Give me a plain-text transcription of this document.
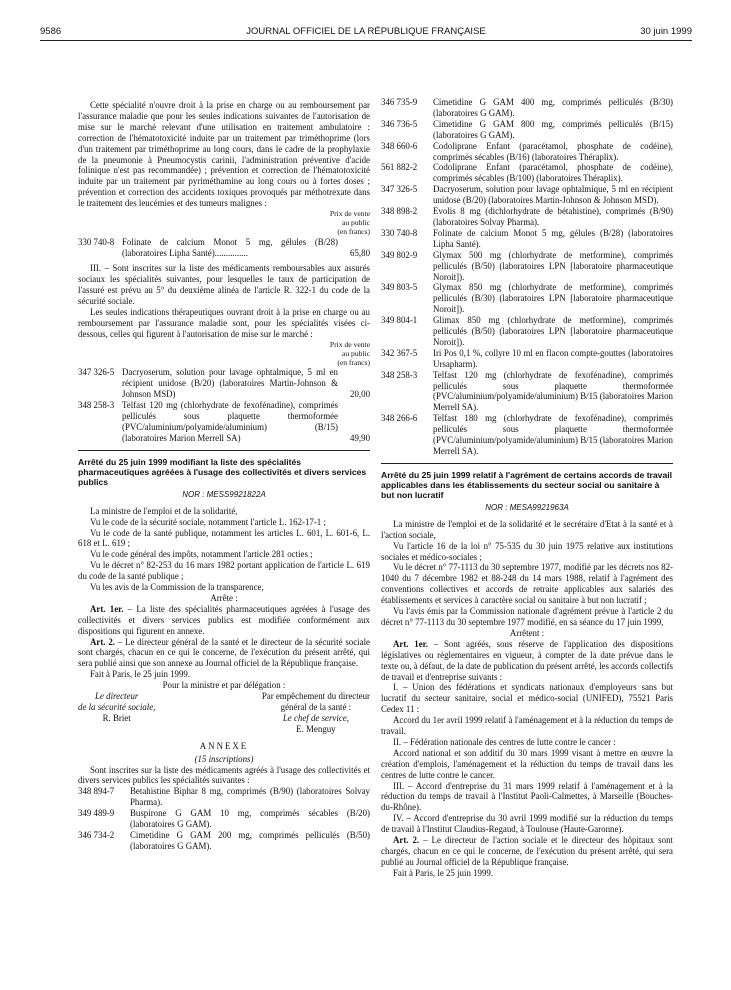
9586	JOURNAL OFFICIEL DE LA RÉPUBLIQUE FRANÇAISE	30 juin 1999

Cette spécialité n'ouvre droit à la prise en charge ou au remboursement par l'assurance maladie que pour les seules indications suivantes de l'autorisation de mise sur le marché relevant d'une utilisation en traitement ambulatoire : correction de l'hématotoxicité induite par un traitement par triméthoprime (lors d'un traitement par triméthoprime au long cours, dans le cadre de la prophylaxie de la pneumonie à Pneumocystis carinii, l'administration préventive d'acide folinique n'est pas recommandée) ; prévention et correction de l'hématotoxicité induite par un traitement par pyriméthamine au long cours ou à fortes doses ; prévention et correction des accidents toxiques provoqués par méthotrexate dans le traitement des leucémies et des tumeurs malignes :

Prix de vente
au public
(en francs)
330 740-8 Folinate de calcium Monot 5 mg, gélules (B/28) (laboratoires Lipha Santé)...............	65,80

III. – Sont inscrites sur la liste des médicaments remboursables aux assurés sociaux les spécialités suivantes, pour lesquelles le taux de participation de l'assuré est prévu au 5° du deuxième alinéa de l'article R. 322-1 du code de la sécurité sociale.

Les seules indications thérapeutiques ouvrant droit à la prise en charge ou au remboursement par l'assurance maladie sont, pour les spécialités visées ci-dessous, celles qui figurent à l'autorisation de mise sur le marché :

Prix de vente
au public
(en francs)
347 326-5 Dacryoserum, solution pour lavage ophtalmique, 5 ml en récipient unidose (B/20) (laboratoires Martin-Johnson & Johnson MSD)	20,00
348 258-3 Telfast 120 mg (chlorhydrate de fexofénadine), comprimés pelliculés sous plaquette thermoformée (PVC/aluminium/polyamide/aluminium) (B/15) (laboratoires Marion Merrell SA)	49,90

Arrêté du 25 juin 1999 modifiant la liste des spécialités pharmaceutiques agréées à l'usage des collectivités et divers services publics

NOR : MESS9921822A

La ministre de l'emploi et de la solidarité,

Vu le code de la sécurité sociale, notamment l'article L. 162-17-1 ;

Vu le code de la santé publique, notamment les articles L. 601, L. 601-6, L. 618 et L. 619 ;

Vu le code général des impôts, notamment l'article 281 octies ;

Vu le décret n° 82-253 du 16 mars 1982 portant application de l'article L. 619 du code de la santé publique ;

Vu les avis de la Commission de la transparence,

Arrête :

Art. 1er. – La liste des spécialités pharmaceutiques agréées à l'usage des collectivités et divers services publics est modifiée conformément aux dispositions qui figurent en annexe.

Art. 2. – Le directeur général de la santé et le directeur de la sécurité sociale sont chargés, chacun en ce qui le concerne, de l'exécution du présent arrêté, qui sera publié ainsi que son annexe au Journal officiel de la République française.

Fait à Paris, le 25 juin 1999.

Pour la ministre et par délégation :

Le directeur
de la sécurité sociale,
R. Briet
Par empêchement du directeur
général de la santé :
Le chef de service,
E. Menguy
ANNEXE
(15 inscriptions)

Sont inscrites sur la liste des médicaments agréés à l'usage des collectivités et divers services publics les spécialités suivantes :

348 894-7	Betahistine Biphar 8 mg, comprimés (B/90) (laboratoires Solvay Pharma).
349 489-9	Buspirone G GAM 10 mg, comprimés sécables (B/20) (laboratoires G GAM).
346 734-2	Cimetidine G GAM 200 mg, comprimés pelliculés (B/50) (laboratoires G GAM).
346 735-9	Cimetidine G GAM 400 mg, comprimés pelliculés (B/30) (laboratoires G GAM).
346 736-5	Cimetidine G GAM 800 mg, comprimés pelliculés (B/15) (laboratoires G GAM).
348 660-6	Codoliprane Enfant (paracétamol, phosphate de codéine), comprimés sécables (B/16) (laboratoires Théraplix).
561 882-2	Codoliprane Enfant (paracétamol, phosphate de codéine), comprimés sécables (B/100) (laboratoires Théraplix).
347 326-5	Dacryoserum, solution pour lavage ophtalmique, 5 ml en récipient unidose (B/20) (laboratoires Martin-Johnson & Johnson MSD).
348 898-2	Evolis 8 mg (dichlorhydrate de bétahistine), comprimés (B/90) (laboratoires Solvay Pharma).
330 740-8	Folinate de calcium Monot 5 mg, gélules (B/28) (laboratoires Lipha Santé).
349 802-9	Glymax 500 mg (chlorhydrate de metformine), comprimés pelliculés (B/50) (laboratoires LPN [laboratoire pharmaceutique Noroit]).
349 803-5	Glymax 850 mg (chlorhydrate de metformine), comprimés pelliculés (B/30) (laboratoires LPN [laboratoire pharmaceutique Noroit]).
349 804-1	Glimax 850 mg (chlorhydrate de metformine), comprimés pelliculés (B/50) (laboratoires LPN [laboratoire pharmaceutique Noroit]).
342 367-5	Iri Pos 0,1 %, collyre 10 ml en flacon compte-gouttes (laboratoires Ursapharm).
348 258-3	Telfast 120 mg (chlorhydrate de fexofénadine), comprimés pelliculés sous plaquette thermoformée (PVC/aluminium/polyamide/aluminium) B/15 (laboratoires Marion Merrell SA).
348 266-6	Telfast 180 mg (chlorhydrate de fexofénadine), comprimés pelliculés sous plaquette thermoformée (PVC/aluminium/polyamide/aluminium) B/15 (laboratoires Marion Merrell SA).

Arrêté du 25 juin 1999 relatif à l'agrément de certains accords de travail applicables dans les établissements du secteur social ou sanitaire à but non lucratif

NOR : MESA9921963A

La ministre de l'emploi et de la solidarité et le secrétaire d'Etat à la santé et à l'action sociale,

Vu l'article 16 de la loi n° 75-535 du 30 juin 1975 relative aux institutions sociales et médico-sociales ;

Vu le décret n° 77-1113 du 30 septembre 1977, modifié par les décrets nos 82-1040 du 7 décembre 1982 et 88-248 du 14 mars 1988, relatif à l'agrément des conventions collectives et accords de retraite applicables aux salariés des établissements et services à caractère social ou sanitaire à but non lucratif ;

Vu l'avis émis par la Commission nationale d'agrément prévue à l'article 2 du décret n° 77-1113 du 30 septembre 1977 modifié, en sa séance du 17 juin 1999,

Arrêtent :

Art. 1er. – Sont agréés, sous réserve de l'application des dispositions législatives ou réglementaires en vigueur, à compter de la date prévue dans le texte ou, à défaut, de la date de publication du présent arrêté, les accords collectifs de travail et d'entreprise suivants :

I. – Union des fédérations et syndicats nationaux d'employeurs sans but lucratif du secteur sanitaire, social et médico-social (UNIFED), 75521 Paris Cedex 11 :

Accord du 1er avril 1999 relatif à l'aménagement et à la réduction du temps de travail.

II. – Fédération nationale des centres de lutte contre le cancer :

Accord national et son additif du 30 mars 1999 visant à mettre en œuvre la création d'emplois, l'aménagement et la réduction du temps de travail dans les centres de lutte contre le cancer.

III. – Accord d'entreprise du 31 mars 1999 relatif à l'aménagement et à la réduction du temps de travail à l'Institut Paoli-Calmettes, à Marseille (Bouches-du-Rhône).

IV. – Accord d'entreprise du 30 avril 1999 modifié sur la réduction du temps de travail à l'Institut Claudius-Regaud, à Toulouse (Haute-Garonne).

Art. 2. – Le directeur de l'action sociale et le directeur des hôpitaux sont chargés, chacun en ce qui le concerne, de l'exécution du présent arrêté, qui sera publié au Journal officiel de la République française.

Fait à Paris, le 25 juin 1999.
